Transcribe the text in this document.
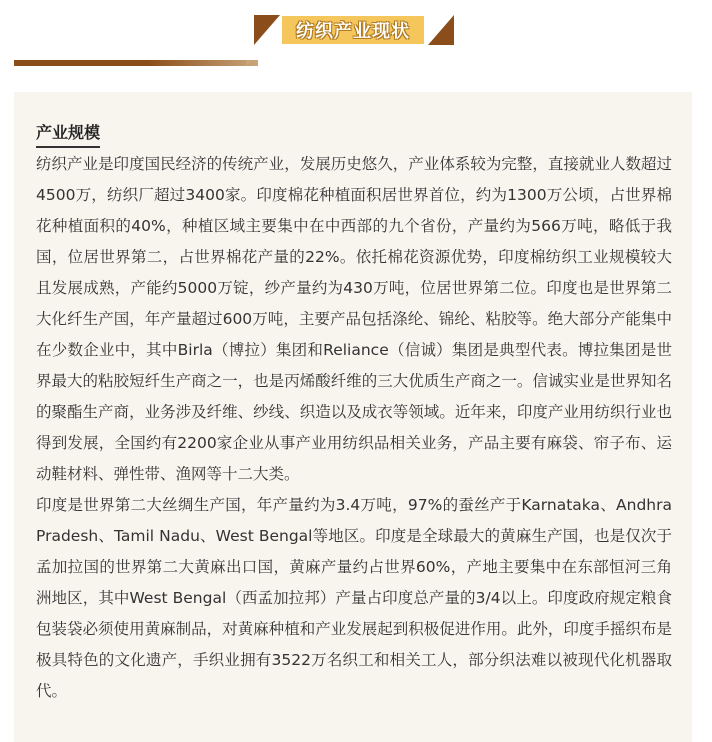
纺织产业现状
产业规模

纺织产业是印度国民经济的传统产业，发展历史悠久，产业体系较为完整，直接就业人数超过4500万，纺织厂超过3400家。印度棉花种植面积居世界首位，约为1300万公顷，占世界棉花种植面积的40%，种植区域主要集中在中西部的九个省份，产量约为566万吨，略低于我国，位居世界第二，占世界棉花产量的22%。依托棉花资源优势，印度棉纺织工业规模较大且发展成熟，产能约5000万锭，纱产量约为430万吨，位居世界第二位。印度也是世界第二大化纤生产国，年产量超过600万吨，主要产品包括涤纶、锦纶、粘胶等。绝大部分产能集中在少数企业中，其中Birla（博拉）集团和Reliance（信诚）集团是典型代表。博拉集团是世界最大的粘胶短纤生产商之一，也是丙烯酸纤维的三大优质生产商之一。信诚实业是世界知名的聚酯生产商，业务涉及纤维、纱线、织造以及成衣等领域。近年来，印度产业用纺织行业也得到发展，全国约有2200家企业从事产业用纺织品相关业务，产品主要有麻袋、帘子布、运动鞋材料、弹性带、渔网等十二大类。

印度是世界第二大丝绸生产国，年产量约为3.4万吨，97%的蚕丝产于Karnataka、Andhra Pradesh、Tamil Nadu、West Bengal等地区。印度是全球最大的黄麻生产国，也是仅次于孟加拉国的世界第二大黄麻出口国，黄麻产量约占世界60%，产地主要集中在东部恒河三角洲地区，其中West Bengal（西孟加拉邦）产量占印度总产量的3/4以上。印度政府规定粮食包装袋必须使用黄麻制品，对黄麻种植和产业发展起到积极促进作用。此外，印度手摇织布是极具特色的文化遗产，手织业拥有3522万名织工和相关工人，部分织法难以被现代化机器取代。
